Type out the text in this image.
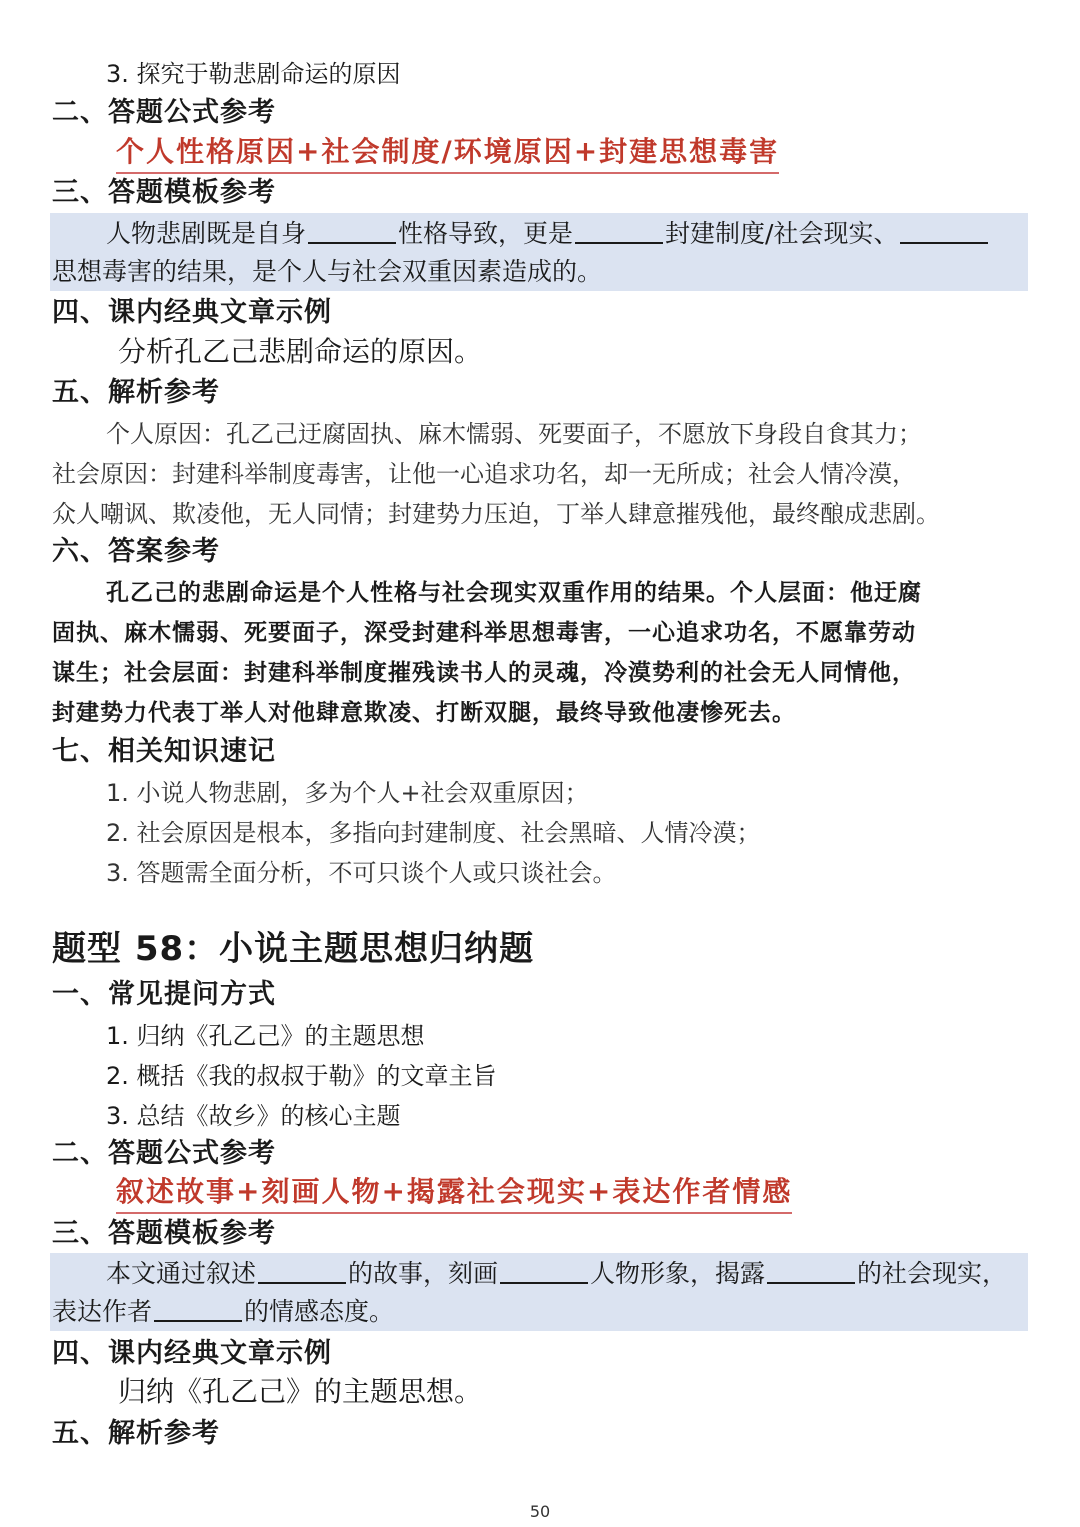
3. 探究于勒悲剧命运的原因
二、答题公式参考
个人性格原因+社会制度/环境原因+封建思想毒害
三、答题模板参考
人物悲剧既是自身	性格导致，更是	封建制度/社会现实、
思想毒害的结果，是个人与社会双重因素造成的。
四、课内经典文章示例
分析孔乙己悲剧命运的原因。
五、解析参考
个人原因：孔乙己迂腐固执、麻木懦弱、死要面子，不愿放下身段自食其力；
社会原因：封建科举制度毒害，让他一心追求功名，却一无所成；社会人情冷漠，
众人嘲讽、欺凌他，无人同情；封建势力压迫，丁举人肆意摧残他，最终酿成悲剧。
六、答案参考
孔乙己的悲剧命运是个人性格与社会现实双重作用的结果。个人层面：他迂腐
固执、麻木懦弱、死要面子，深受封建科举思想毒害，一心追求功名，不愿靠劳动
谋生；社会层面：封建科举制度摧残读书人的灵魂，冷漠势利的社会无人同情他，
封建势力代表丁举人对他肆意欺凌、打断双腿，最终导致他凄惨死去。
七、相关知识速记
1. 小说人物悲剧，多为个人+社会双重原因；
2. 社会原因是根本，多指向封建制度、社会黑暗、人情冷漠；
3. 答题需全面分析，不可只谈个人或只谈社会。
题型 58：小说主题思想归纳题
一、常见提问方式
1. 归纳《孔乙己》的主题思想
2. 概括《我的叔叔于勒》的文章主旨
3. 总结《故乡》的核心主题
二、答题公式参考
叙述故事+刻画人物+揭露社会现实+表达作者情感
三、答题模板参考
本文通过叙述	的故事，刻画	人物形象，揭露	的社会现实，
表达作者	的情感态度。
四、课内经典文章示例
归纳《孔乙己》的主题思想。
五、解析参考
50
